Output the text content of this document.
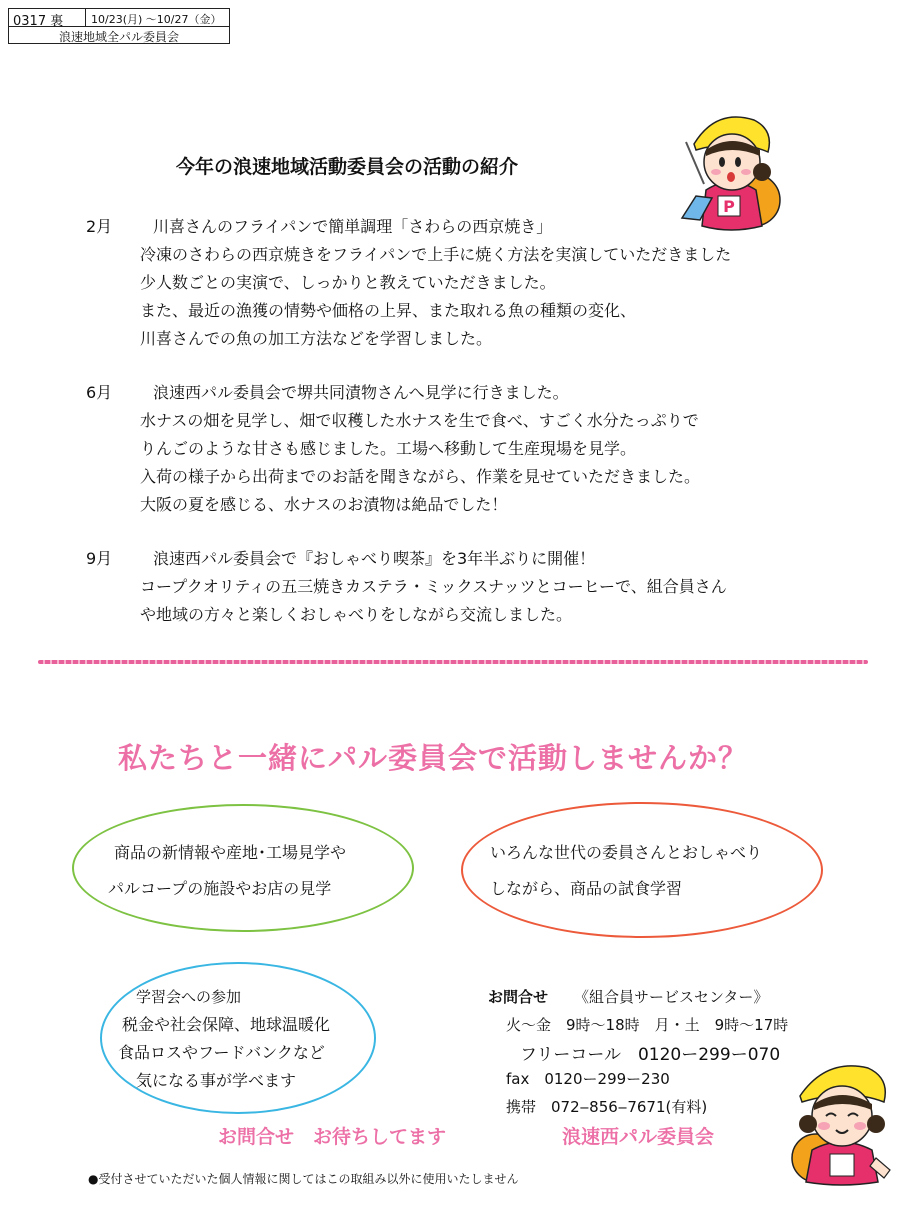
0317 裏	10/23(月) ～10/27（金）
浪速地域全パル委員会
今年の浪速地域活動委員会の活動の紹介
P
2月	川喜さんのフライパンで簡単調理「さわらの西京焼き」
冷凍のさわらの西京焼きをフライパンで上手に焼く方法を実演していただきました
少人数ごとの実演で、しっかりと教えていただきました。
また、最近の漁獲の情勢や価格の上昇、また取れる魚の種類の変化、
川喜さんでの魚の加工方法などを学習しました。
6月	浪速西パル委員会で堺共同漬物さんへ見学に行きました。
水ナスの畑を見学し、畑で収穫した水ナスを生で食べ、すごく水分たっぷりで
りんごのような甘さも感じました。工場へ移動して生産現場を見学。
入荷の様子から出荷までのお話を聞きながら、作業を見せていただきました。
大阪の夏を感じる、水ナスのお漬物は絶品でした！
9月	浪速西パル委員会で『おしゃべり喫茶』を3年半ぶりに開催！
コープクオリティの五三焼きカステラ・ミックスナッツとコーヒーで、組合員さん
や地域の方々と楽しくおしゃべりをしながら交流しました。
私たちと一緒にパル委員会で活動しませんか？
商品の新情報や産地･工場見学や
パルコープの施設やお店の見学
いろんな世代の委員さんとおしゃべり
しながら、商品の試食学習
学習会への参加
税金や社会保障、地球温暖化
食品ロスやフードバンクなど
気になる事が学べます
お問合せ 《組合員サービスセンター》
火～金　9時～18時　月・土　9時～17時
フリーコール　0120ー299ー070
fax　0120ー299ー230
携帯　072‒856‒7671(有料)
お問合せ　お待ちしてます	浪速西パル委員会
●受付させていただいた個人情報に関してはこの取組み以外に使用いたしません
